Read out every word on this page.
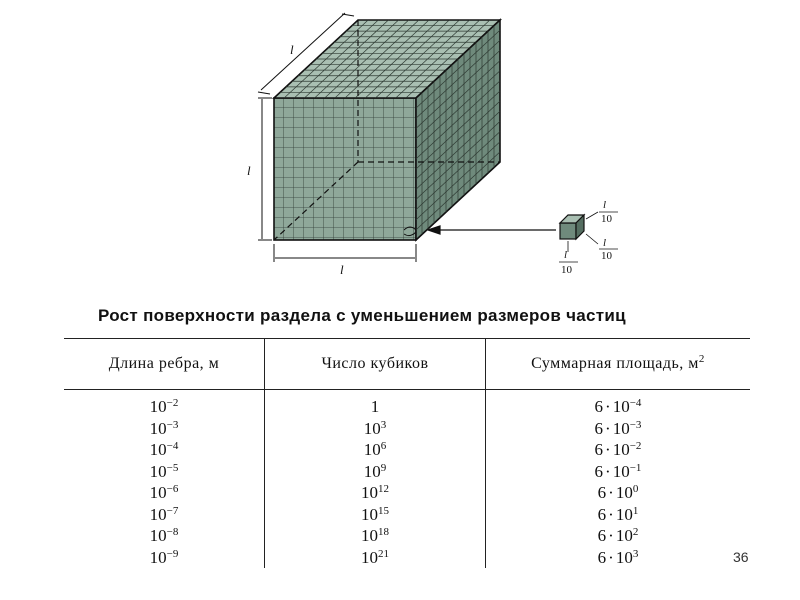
l
l
l
l
10
l
10
l
10
Рост поверхности раздела с уменьшением размеров частиц
Длина ребра, м	Число кубиков	Суммарная площадь, $м^2$
$10^{-2}$	1	$6 \cdot 10^{-4}$
$10^{-3}$	$10^3$	$6 \cdot 10^{-3}$
$10^{-4}$	$10^6$	$6 \cdot 10^{-2}$
$10^{-5}$	$10^9$	$6 \cdot 10^{-1}$
$10^{-6}$	$10^{12}$	$6 \cdot 10^0$
$10^{-7}$	$10^{15}$	$6 \cdot 10^1$
$10^{-8}$	$10^{18}$	$6 \cdot 10^2$
$10^{-9}$	$10^{21}$	$6 \cdot 10^3$	36
